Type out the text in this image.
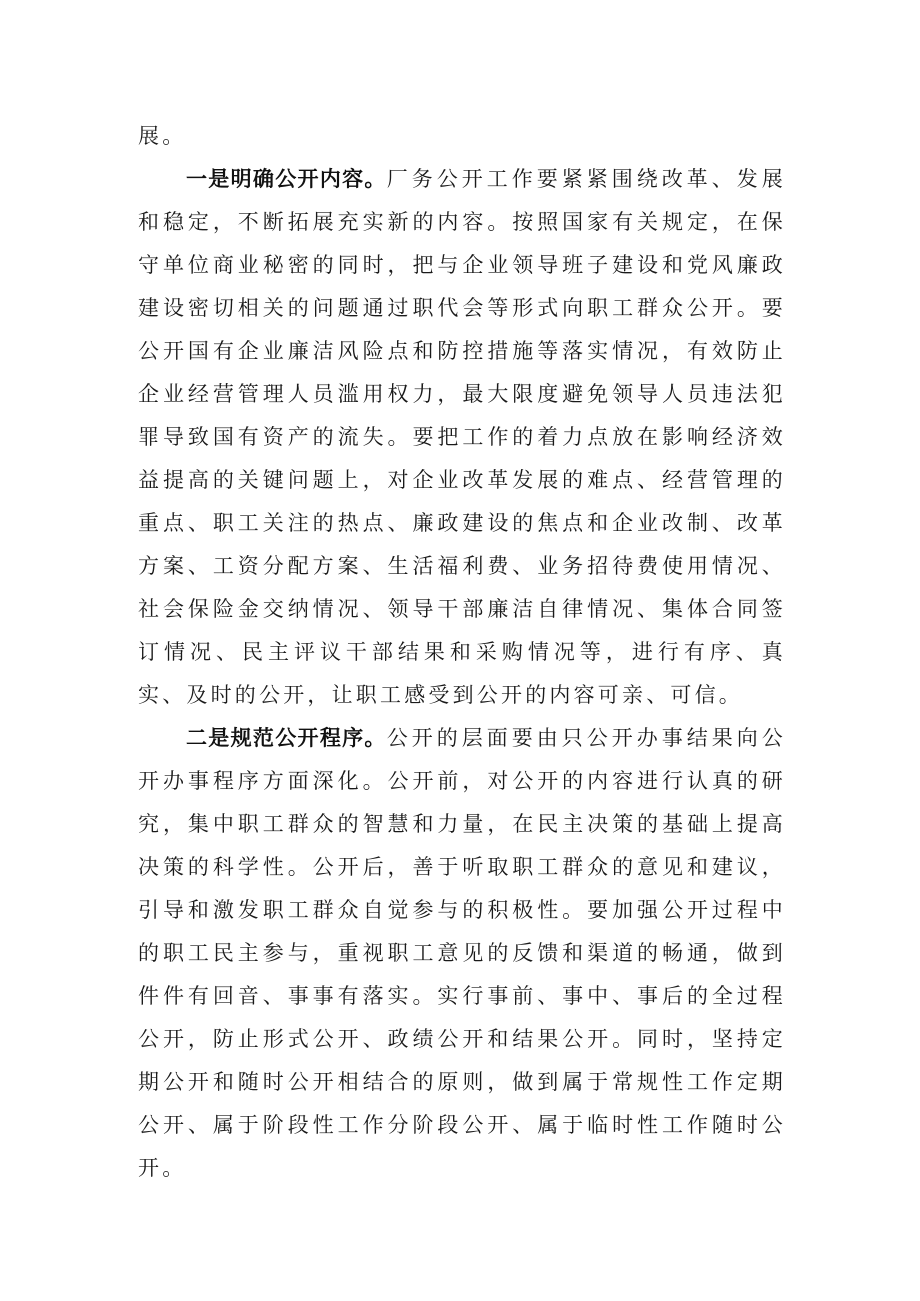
展。

一是明确公开内容。厂务公开工作要紧紧围绕改革、发展和稳定，不断拓展充实新的内容。按照国家有关规定，在保守单位商业秘密的同时，把与企业领导班子建设和党风廉政建设密切相关的问题通过职代会等形式向职工群众公开。要公开国有企业廉洁风险点和防控措施等落实情况，有效防止企业经营管理人员滥用权力，最大限度避免领导人员违法犯罪导致国有资产的流失。要把工作的着力点放在影响经济效益提高的关键问题上，对企业改革发展的难点、经营管理的重点、职工关注的热点、廉政建设的焦点和企业改制、改革方案、工资分配方案、生活福利费、业务招待费使用情况、社会保险金交纳情况、领导干部廉洁自律情况、集体合同签订情况、民主评议干部结果和采购情况等，进行有序、真实、及时的公开，让职工感受到公开的内容可亲、可信。

二是规范公开程序。公开的层面要由只公开办事结果向公开办事程序方面深化。公开前，对公开的内容进行认真的研究，集中职工群众的智慧和力量，在民主决策的基础上提高决策的科学性。公开后，善于听取职工群众的意见和建议，引导和激发职工群众自觉参与的积极性。要加强公开过程中的职工民主参与，重视职工意见的反馈和渠道的畅通，做到件件有回音、事事有落实。实行事前、事中、事后的全过程公开，防止形式公开、政绩公开和结果公开。同时，坚持定期公开和随时公开相结合的原则，做到属于常规性工作定期公开、属于阶段性工作分阶段公开、属于临时性工作随时公开。
